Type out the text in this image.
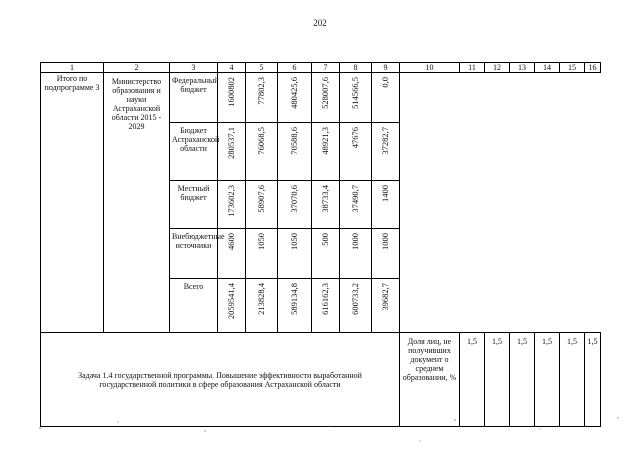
202
1	2	3	4	5	6	7	8	9	10	11	12	13	14	15	16
Итого по подпрограмме 3	Министерство образования и науки Астраханской области 2015 - 2029	Федеральный бюджет	1600802	77802,3	480425,6	528007,6	514566,5	0,0							

		Бюджет Астраханской области	280537,1	76068,5	70588,6	48921,3	47676	37282,7							

		Местный бюджет	173602,3	58907,6	37070,6	38733,4	37490,7	1400							

		Внебюджетные источники	4600	1050	1050	500	1000	1000							

		Всего	2059541,4	213828,4	589134,8	616162,3	600733,2	39682,7							

Задача 1.4 государственной программы. Повышение эффективности выработанной государственной политики в сфере образования Астраханской области									Доля лиц, не получивших документ о среднем образовании, %	1,5	1,5	1,5	1,5	1,5	1,5
